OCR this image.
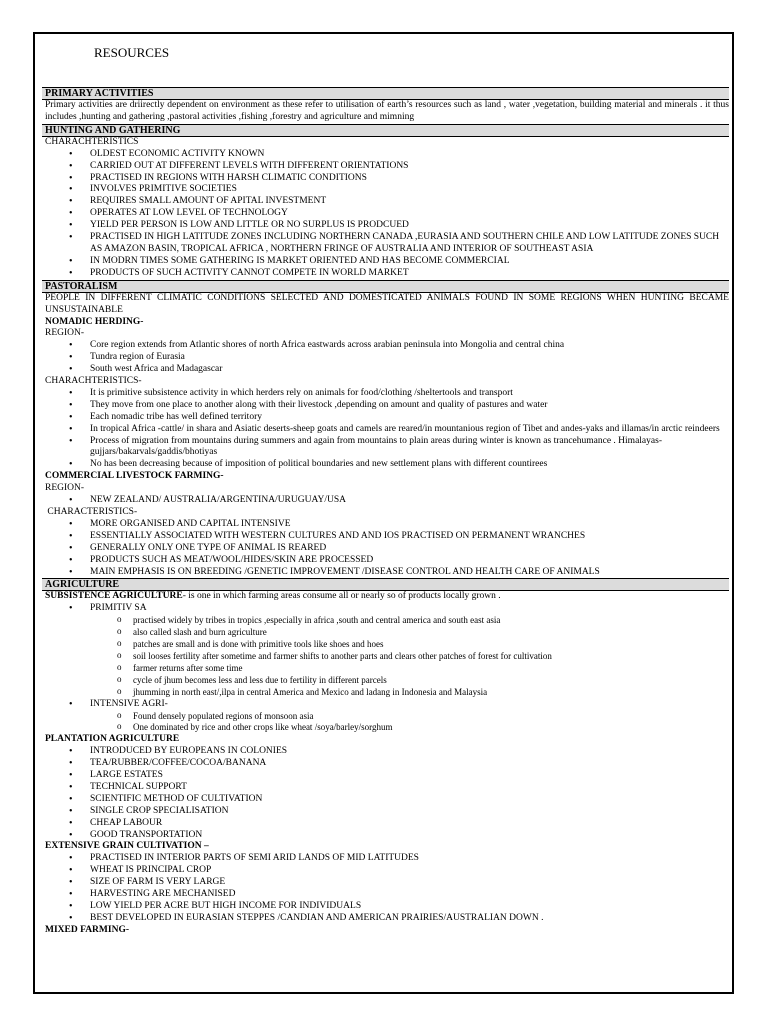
RESOURCES
PRIMARY ACTIVITIES
Primary activities are driirectly dependent on environment as these refer to utilisation of earth’s resources such as land , water ,vegetation, building material and minerals . it thus includes ,hunting and gathering ,pastoral activities ,fishing ,forestry and agriculture and mimning
HUNTING AND GATHERING
CHARACHTERISTICS
• OLDEST ECONOMIC ACTIVITY KNOWN
• CARRIED OUT AT DIFFERENT LEVELS WITH DIFFERENT ORIENTATIONS
• PRACTISED IN REGIONS WITH HARSH CLIMATIC CONDITIONS
• INVOLVES PRIMITIVE SOCIETIES
• REQUIRES SMALL AMOUNT OF APITAL INVESTMENT
• OPERATES AT LOW LEVEL OF TECHNOLOGY
• YIELD PER PERSON IS LOW AND LITTLE OR NO SURPLUS IS PRODCUED
• PRACTISED IN HIGH LATITUDE ZONES INCLUDING NORTHERN CANADA ,EURASIA AND SOUTHERN CHILE AND LOW LATITUDE ZONES SUCH AS AMAZON BASIN, TROPICAL AFRICA , NORTHERN FRINGE OF AUSTRALIA AND INTERIOR OF SOUTHEAST ASIA
• IN MODRN TIMES SOME GATHERING IS MARKET ORIENTED AND HAS BECOME COMMERCIAL
• PRODUCTS OF SUCH ACTIVITY CANNOT COMPETE IN WORLD MARKET
PASTORALISM
PEOPLE IN DIFFERENT CLIMATIC CONDITIONS SELECTED AND DOMESTICATED ANIMALS FOUND IN SOME REGIONS WHEN HUNTING BECAME UNSUSTAINABLE
NOMADIC HERDING-
REGION-
• Core region extends from Atlantic shores of north Africa eastwards across arabian peninsula into Mongolia and central china
• Tundra region of Eurasia
• South west Africa and Madagascar
CHARACHTERISTICS-
• It is primitive subsistence activity in which herders rely on animals for food/clothing /sheltertools and transport
• They move from one place to another along with their livestock ,depending on amount and quality of pastures and water
• Each nomadic tribe has well defined territory
• In tropical Africa -cattle/ in shara and Asiatic deserts-sheep goats and camels are reared/in mountanious region of Tibet and andes-yaks and illamas/in arctic reindeers
• Process of migration from mountains during summers and again from mountains to plain areas during winter is known as trancehumance . Himalayas- gujjars/bakarvals/gaddis/bhotiyas
• No has been decreasing because of imposition of political boundaries and new settlement plans with different countirees
COMMERCIAL LIVESTOCK FARMING-
REGION-
• NEW ZEALAND/ AUSTRALIA/ARGENTINA/URUGUAY/USA
CHARACTERISTICS-
• MORE ORGANISED AND CAPITAL INTENSIVE
• ESSENTIALLY ASSOCIATED WITH WESTERN CULTURES AND AND IOS PRACTISED ON PERMANENT WRANCHES
• GENERALLY ONLY ONE TYPE OF ANIMAL IS REARED
• PRODUCTS SUCH AS MEAT/WOOL/HIDES/SKIN ARE PROCESSED
• MAIN EMPHASIS IS ON BREEDING /GENETIC IMPROVEMENT /DISEASE CONTROL AND HEALTH CARE OF ANIMALS
AGRICULTURE
SUBSISTENCE AGRICULTURE- is one in which farming areas consume all or nearly so of products locally grown .
• PRIMITIV SA
o practised widely by tribes in tropics ,especially in africa ,south and central america and south east asia
o also called slash and burn agriculture
o patches are small and is done with primitive tools like shoes and hoes
o soil looses fertility after sometime and farmer shifts to another parts and clears other patches of forest for cultivation
o farmer returns after some time
o cycle of jhum becomes less and less due to fertility in different parcels
o jhumming in north east/,ilpa in central America and Mexico and ladang in Indonesia and Malaysia
• INTENSIVE AGRI-
o Found densely populated regions of monsoon asia
o One dominated by rice and other crops like wheat /soya/barley/sorghum
PLANTATION AGRICULTURE
• INTRODUCED BY EUROPEANS IN COLONIES
• TEA/RUBBER/COFFEE/COCOA/BANANA
• LARGE ESTATES
• TECHNICAL SUPPORT
• SCIENTIFIC METHOD OF CULTIVATION
• SINGLE CROP SPECIALISATION
• CHEAP LABOUR
• GOOD TRANSPORTATION
EXTENSIVE GRAIN CULTIVATION –
• PRACTISED IN INTERIOR PARTS OF SEMI ARID LANDS OF MID LATITUDES
• WHEAT IS PRINCIPAL CROP
• SIZE OF FARM IS VERY LARGE
• HARVESTING ARE MECHANISED
• LOW YIELD PER ACRE BUT HIGH INCOME FOR INDIVIDUALS
• BEST DEVELOPED IN EURASIAN STEPPES /CANDIAN AND AMERICAN PRAIRIES/AUSTRALIAN DOWN .
MIXED FARMING-
